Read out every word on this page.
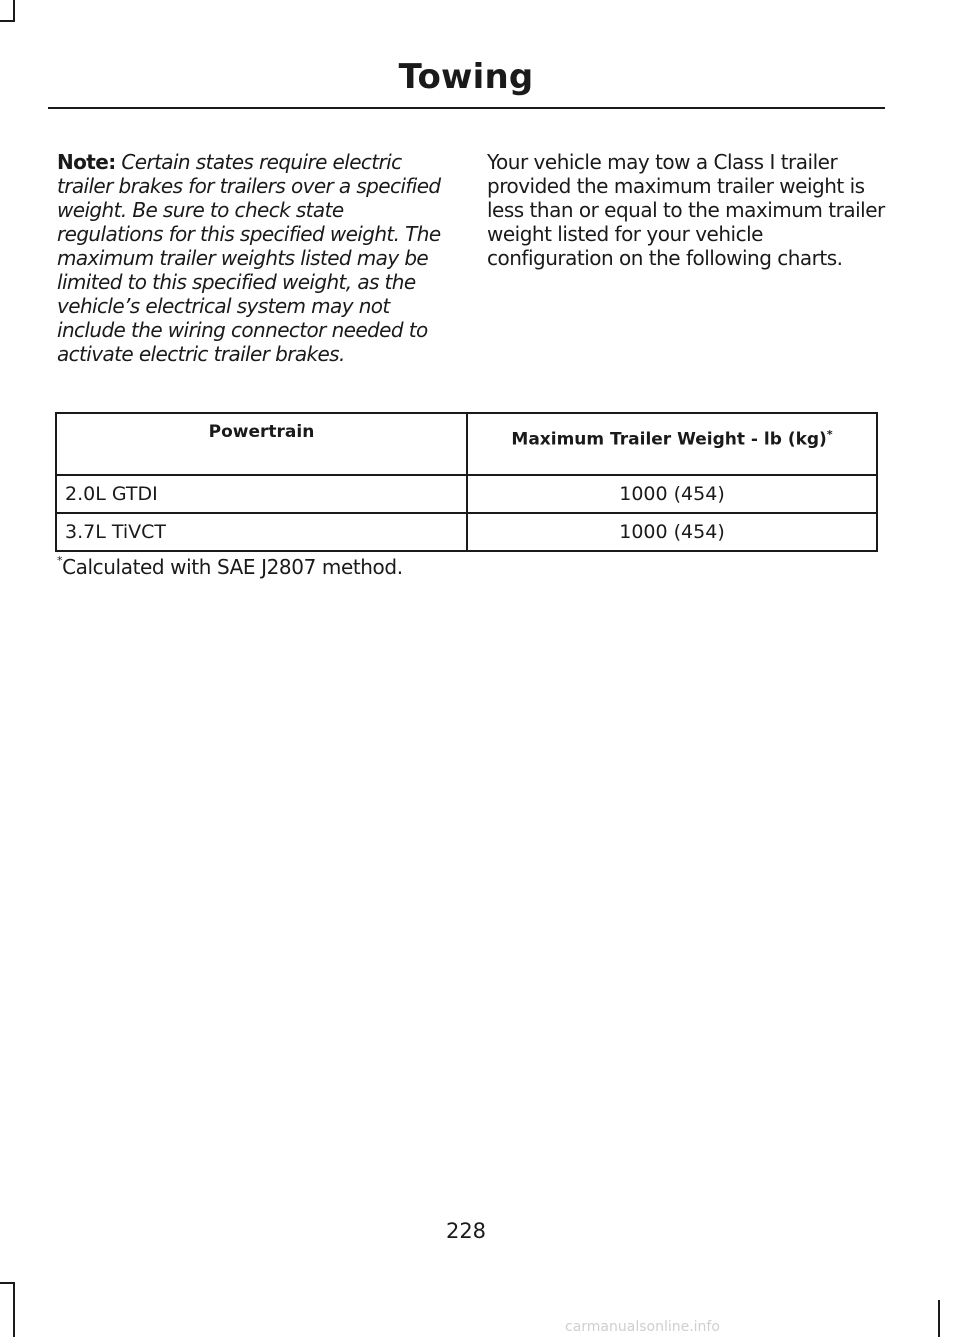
Towing
Note: Certain states require electric trailer brakes for trailers over a specified weight. Be sure to check state regulations for this specified weight. The maximum trailer weights listed may be limited to this specified weight, as the vehicle’s electrical system may not include the wiring connector needed to activate electric trailer brakes.
Your vehicle may tow a Class I trailer provided the maximum trailer weight is less than or equal to the maximum trailer weight listed for your vehicle configuration on the following charts.
Powertrain	Maximum Trailer Weight - lb (kg)*
2.0L GTDI	1000 (454)
3.7L TiVCT	1000 (454)
*Calculated with SAE J2807 method.
228
carmanualsonline.info
